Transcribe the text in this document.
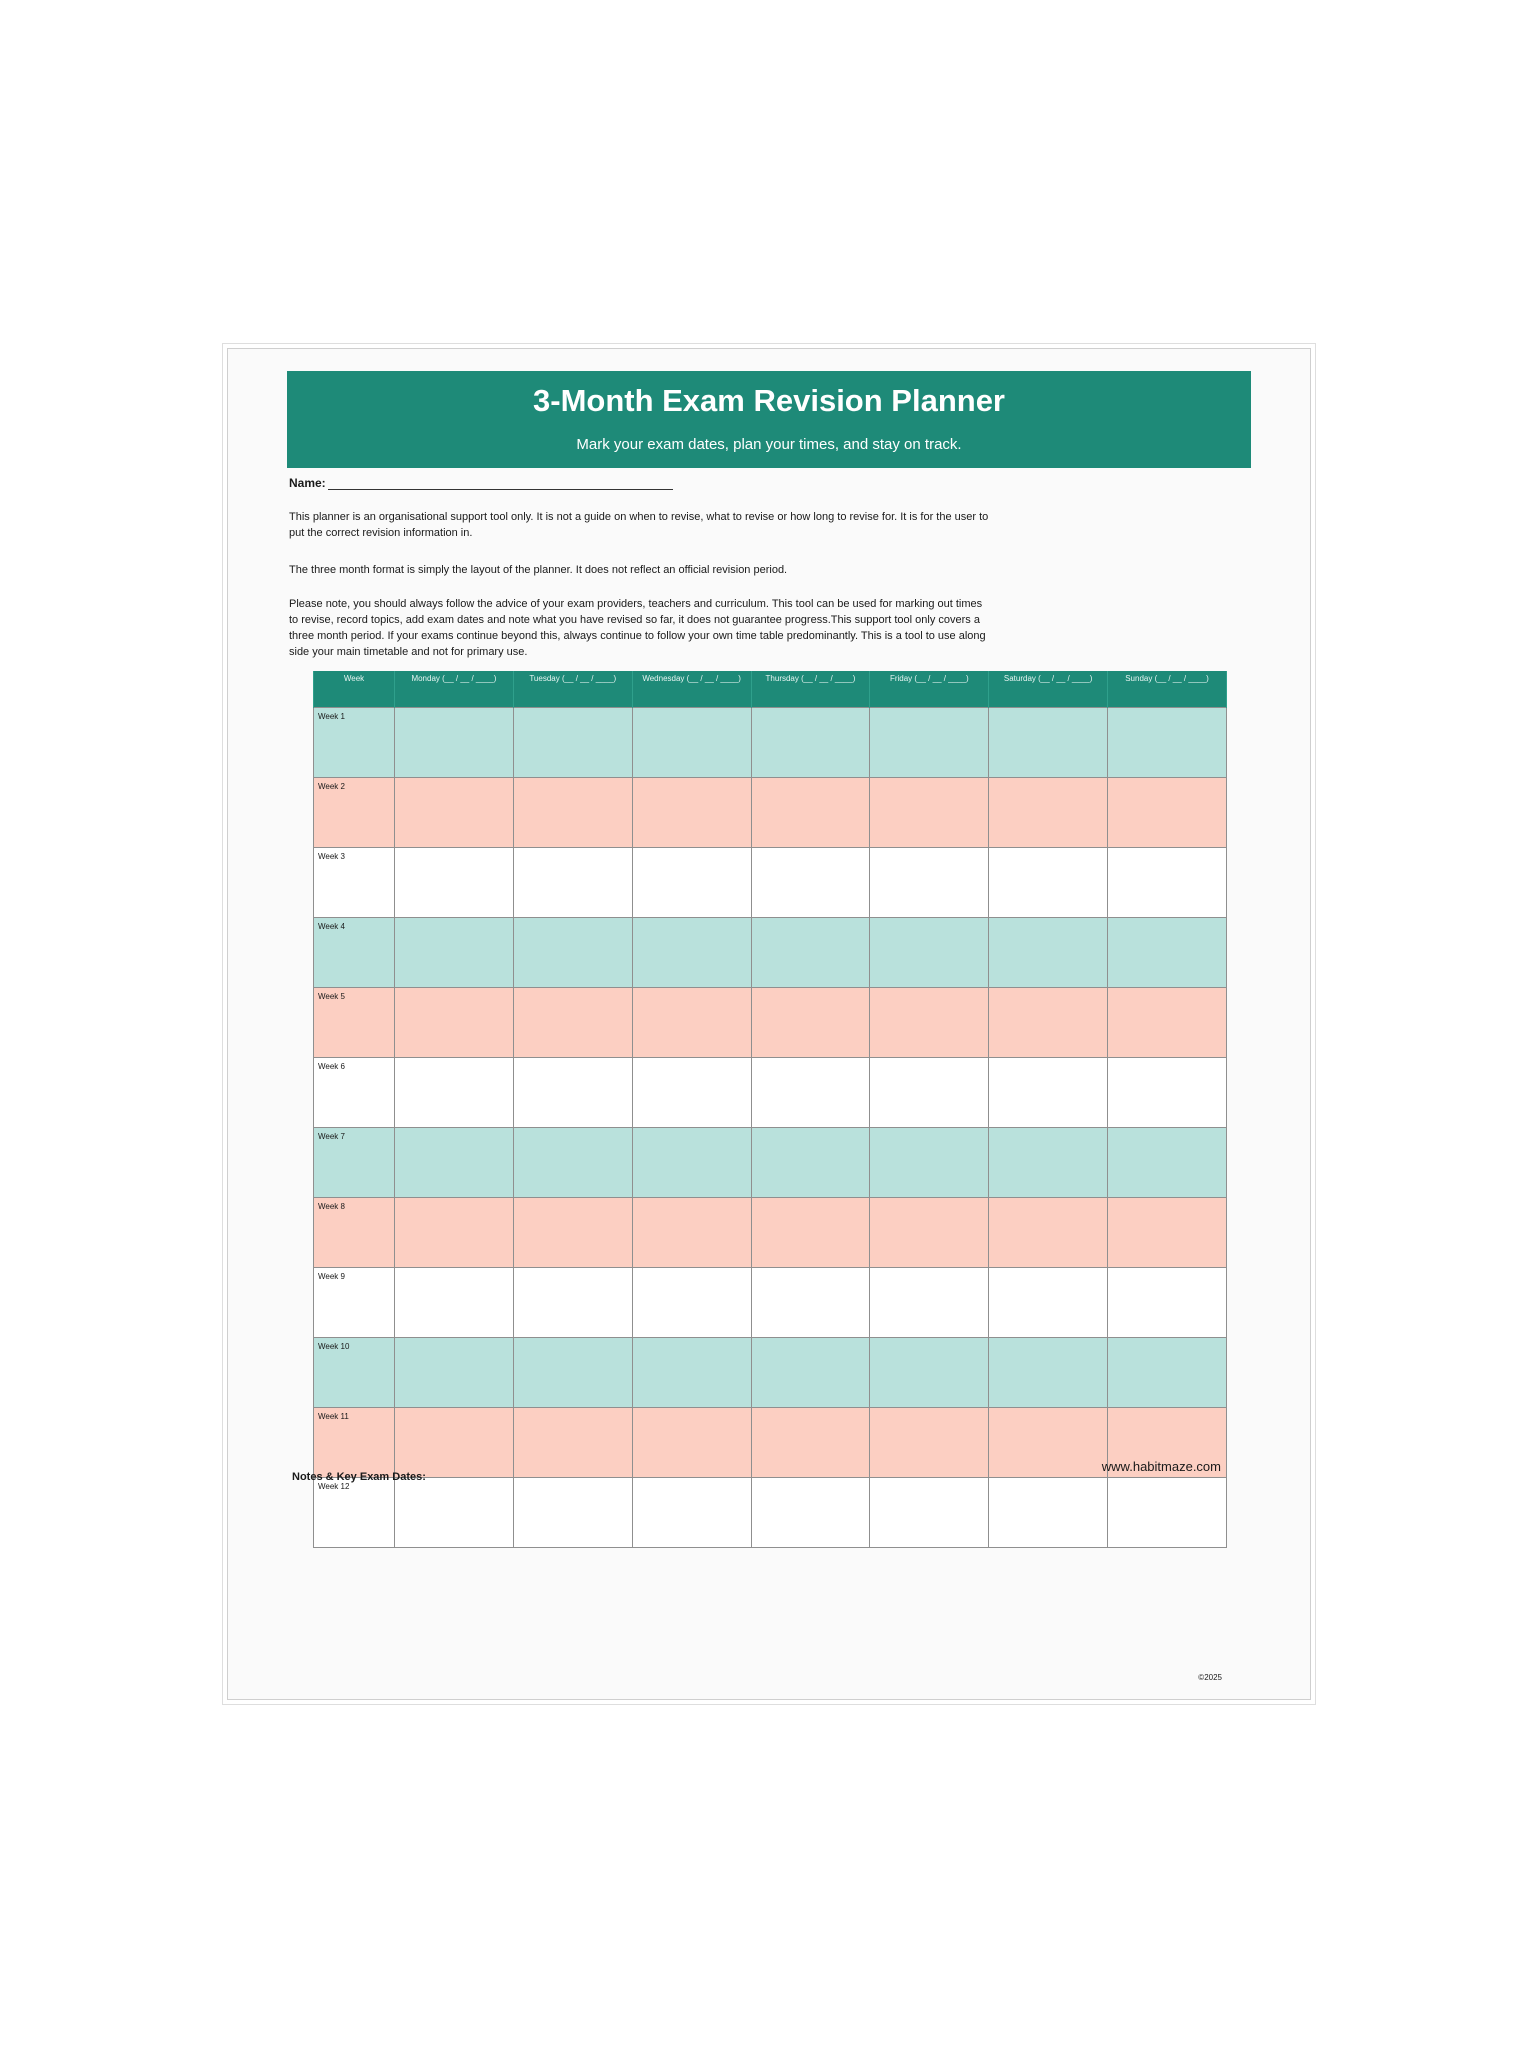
3-Month Exam Revision Planner
Mark your exam dates, plan your times, and stay on track.
Name:
This planner is an organisational support tool only. It is not a guide on when to revise, what to revise or how long to revise for. It is for the user to put the correct revision information in.
The three month format is simply the layout of the planner. It does not reflect an official revision period.
Please note, you should always follow the advice of your exam providers, teachers and curriculum. This tool can be used for marking out times to revise, record topics, add exam dates and note what you have revised so far, it does not guarantee progress.This support tool only covers a three month period. If your exams continue beyond this, always continue to follow your own time table predominantly. This is a tool to use along side your main timetable and not for primary use.
Week	Monday (__ / __ / ____)	Tuesday (__ / __ / ____)	Wednesday (__ / __ / ____)	Thursday (__ / __ / ____)	Friday (__ / __ / ____)	Saturday (__ / __ / ____)	Sunday (__ / __ / ____)
Week 1							
Week 2							
Week 3							
Week 4							
Week 5							
Week 6							
Week 7							
Week 8							
Week 9							
Week 10							
Week 11							
Week 12							
www.habitmaze.com
Notes & Key Exam Dates:
©2025
